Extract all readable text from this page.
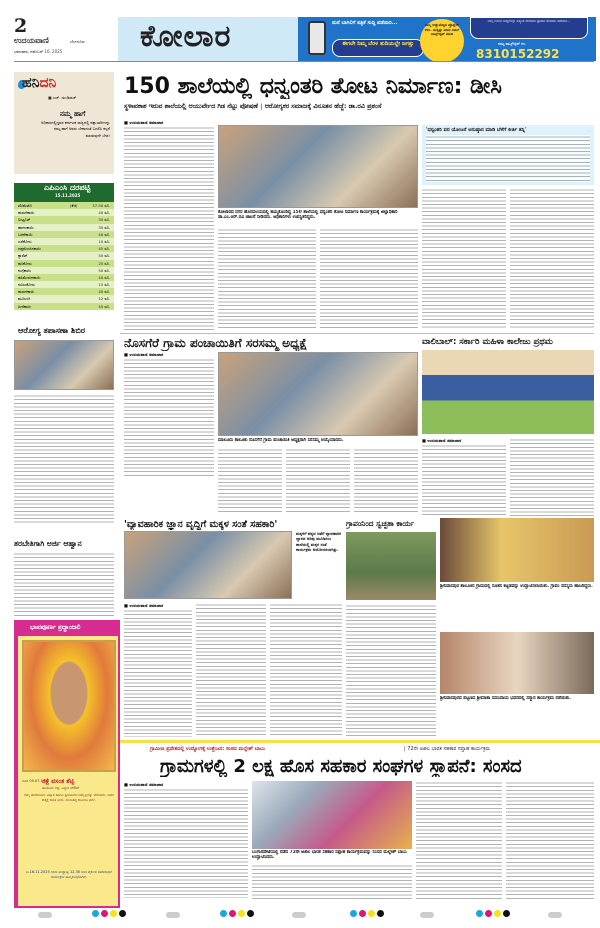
2
ಉದಯವಾಣಿ	ಬೆಂಗಳೂರು
ಭಾನುವಾರ, ನವೆಂಬರ್ 16, 2025	ಕೋಲಾರ	ಮನೆ ಬಾಗಿಲಿಗೆ ಪತ್ರಿಕೆ ಸುದ್ದಿ ಪಡೆಯಿರಿ...
ಈಗಲೇ ನಿಮ್ಮ ಬೆರಳ ತುದಿಯಲ್ಲೇ ಜಗತ್ತು
ನಿಮ್ಮ ಅಚ್ಚುಮೆಚ್ಚಿನ ಪ್ರೊಫೈಲ್ ಕಳಿಸಿ. ಮತ್ತಷ್ಟು ಮಾಡಿ ನಮಗೆ ವಾಟ್ಸ್‌ಆ್ಯಪ್ ಮಾಡಿ
ನಿಮ್ಮ ಊರಿನ ಸುದ್ದಿಗಳನ್ನು ಅತ್ಯಂತ ವೇಗವಾಗಿ ಪ್ರತಿದಿನ ನೇರವಾಗಿ ಪಡೆಯಿರಿ...
ನಮ್ಮ ವಾಟ್ಸ್‌ಆ್ಯಪ್ ನಂ.
8310152292
ಹನಿದನಿ
■ ಎಚ್. ಡುಂಡಿರಾಜ್
ನಮ್ಮ ಹಾಗೆ
ಅಧಿಕಾರದಲ್ಲಿದ್ದವರ ಕರ್ನಾಟಕ ರಾಜ್ಯದಲ್ಲಿ ಪಕ್ಷಾಂತರಿಗಳನ್ನು ನಮ್ಮ ಹಾಗೆ ಅವರು ಬೇಕಾದಂತೆ ಬದಲಿಸಿ ಕಲ್ಪನೆ ಮಾಡುವುದೇ ಬೇಡ!
ಎಪಿಎಂಸಿ ದರಪಟ್ಟಿ
15.11.2025
ಟೊಮೆಟೊ	(ಕೆಜಿ)	37.50 ರೂ.
ಹುರುಳಿಕಾಯಿ	40 ರೂ.
ಬೀಟ್ರೂಟ್	30 ರೂ.
ಹಾಗಲಕಾಯಿ	35 ರೂ.
ಬದನೆಕಾಯಿ	40 ರೂ.
ಎಲೆಕೋಸು	10 ರೂ.
ದಪ್ಪಮೆಣಸಿನಕಾಯಿ	45 ರೂ.
ಕ್ಯಾರೆಟ್	50 ರೂ.
ಹೂಕೋಸು	25 ರೂ.
ನುಗ್ಗೆಕಾಯಿ	50 ರೂ.
ಹಸಿಮೆಣಸಿನಕಾಯಿ	40 ರೂ.
ನವಿಲುಕೋಸು	15 ರೂ.
ಹುರುಳಿಕಾಯಿ	40 ರೂ.
ಮೂಲಂಗಿ	12 ರೂ.
ಹೀರೆಕಾಯಿ	45 ರೂ.
ಆರೋಗ್ಯ ತಪಾಸಣಾ ಶಿಬಿರ
ತರಬೇತಿಗಾಗಿ ಅರ್ಜಿ ಆಹ್ವಾನ
ಭಾವಪೂರ್ಣ ಶ್ರದ್ಧಾಂಜಲಿ
ಜನನ 09.07.1955
ನಕ್ಷೆ ವಸಂತ ಶೆಟ್ಟಿ
ಹೊಸೂರು ರಸ್ತೆ, ವಿನ್ಯಾಸ ಲೇಔಟ್
ನಮ್ಮ ತಂದೆಯವರು ವಿಶ್ವಾಸ ಹಾಗೂ ಪ್ರೀತಿಯಿಂದ ನಮ್ಮೆಲ್ಲರನ್ನು ಬೆಳೆಸಿದರು. ಅವರ ಆತ್ಮಕ್ಕೆ ಶಾಂತಿ ಸಿಗಲಿ. ದುಃಖತಪ್ತ ಕುಟುಂಬ ವರ್ಗ.
ದಿ.16.11.2025 ರಂದು ಮಧ್ಯಾಹ್ನ 12.30 ರಿಂದ ವೈಕುಂಠ ಸಮಾರಾಧನೆ ಕಾರ್ಯಕ್ರಮ ಹಮ್ಮಿಕೊಳ್ಳಲಾಗಿದೆ.
150 ಶಾಲೆಯಲ್ಲಿ ಧನ್ವಂತರಿ ತೋಟ ನಿರ್ಮಾಣ: ಡೀಸಿ
ಸ್ಥಳಾವಕಾಶ ಇರುವ ಶಾಲೆಯಲ್ಲಿ ಆಯುರ್ವೇದ ಗಿಡ ನೆಟ್ಟು ಪೋಷಣೆ | ಆರೋಗ್ಯಕರ ಸಮಾಜಕ್ಕೆ ವಿನೂತನ ಹೆಜ್ಜೆ: ಡಾ.ರವಿ ಪ್ರಶಂಸೆ
■ ಉದಯವಾಣಿ ಸಮಾಚಾರ
ಕೋಲಾರದ ನಗರ ಹೊರವಲಯದಲ್ಲಿ ಹಮ್ಮಿಕೊಂಡಿದ್ದ 150 ಶಾಲೆಯಲ್ಲಿ ಧನ್ವಂತರಿ ತೋಟ ನಿರ್ಮಾಣ ಕಾರ್ಯಕ್ರಮಕ್ಕೆ ಜಿಲ್ಲಾಧಿಕಾರಿ ಡಾ.ಎಂ.ಆರ್.ರವಿ ಚಾಲನೆ ನೀಡಿದರು. ಅಧಿಕಾರಿಗಳು ಉಪಸ್ಥಿತರಿದ್ದರು.
'ಧನ್ವಂತರಿ ವನ ಯೋಜನೆ ಅನುಷ್ಠಾನ ಮಾಡಿ ಬೆಳೆಗೆ ಕೀರ್ತಿ ತನ್ನಿ'
ನೊಸಗೆರೆ ಗ್ರಾಮ ಪಂಚಾಯಿತಿಗೆ ಸರಸಮ್ಮ ಅಧ್ಯಕ್ಷೆ
■ ಉದಯವಾಣಿ ಸಮಾಚಾರ
ಮಾಲೂರು ತಾಲೂಕು ನೊಸಗೆರೆ ಗ್ರಾಮ ಪಂಚಾಯಿತಿ ಅಧ್ಯಕ್ಷರಾಗಿ ಸರಸಮ್ಮ ಆಯ್ಕೆಯಾದರು.
ವಾಲಿಬಾಲ್: ಸರ್ಕಾರಿ ಮಹಿಳಾ ಕಾಲೇಜು ಪ್ರಥಮ
■ ಉದಯವಾಣಿ ಸಮಾಚಾರ
'ವ್ಯಾವಹಾರಿಕ ಜ್ಞಾನ ವೃದ್ಧಿಗೆ ಮಕ್ಕಳ ಸಂತೆ ಸಹಕಾರಿ'
ಮಕ್ಕಳಿಗೆ ಪಠ್ಯದ ಜತೆಗೆ ವ್ಯಾವಹಾರಿಕ ಜ್ಞಾನದ ಅರಿವು ಮೂಡಿಸಲು ಶಾಲೆಯಲ್ಲಿ ಮಕ್ಕಳ ಸಂತೆ ಕಾರ್ಯಕ್ರಮ ಆಯೋಜಿಸಲಾಗಿತ್ತು.
■ ಉದಯವಾಣಿ ಸಮಾಚಾರ
ಗ್ರಾಪಂನಿಂದ ಸ್ವಚ್ಛತಾ ಕಾರ್ಯ
ಶ್ರೀನಿವಾಸಪುರ ತಾಲೂಕಿನ ಗ್ರಾಮದಲ್ಲಿ ನೂತನ ಕಟ್ಟಡವನ್ನು ಉದ್ಘಾಟಿಸಲಾಯಿತು. ಗ್ರಾಪಂ ಸದಸ್ಯರು ಹಾಜರಿದ್ದರು.
ಶ್ರೀನಿವಾಸಪುರದ ಪಟ್ಟಣದ ಶ್ರೀಮಾತಾ ಸಮುದಾಯ ಭವನದಲ್ಲಿ ಸನ್ಮಾನ ಕಾರ್ಯಕ್ರಮ ನಡೆಯಿತು.
ಗ್ರಾಮೀಣ ಪ್ರದೇಶದಲ್ಲಿ ಉದ್ಯೋಗಕ್ಕೆ ಉತ್ತೇಜನ: ಸಂಸದ ಮಲ್ಲೇಶ್ ಬಾಬು	| 72ನೇ ಅಖಿಲ ಭಾರತ ಸಹಕಾರ ಸಪ್ತಾಹ ಕಾರ್ಯಕ್ರಮ
ಗ್ರಾಮಗಳಲ್ಲಿ 2 ಲಕ್ಷ ಹೊಸ ಸಹಕಾರ ಸಂಘಗಳ ಸ್ಥಾಪನೆ: ಸಂಸದ
■ ಉದಯವಾಣಿ ಸಮಾಚಾರ
ಬಂಗಾರಪೇಟೆಯಲ್ಲಿ ನಡೆದ 72ನೇ ಅಖಿಲ ಭಾರತ ಸಹಕಾರ ಸಪ್ತಾಹ ಕಾರ್ಯಕ್ರಮವನ್ನು ಸಂಸದ ಮಲ್ಲೇಶ್ ಬಾಬು ಉದ್ಘಾಟಿಸಿದರು.
